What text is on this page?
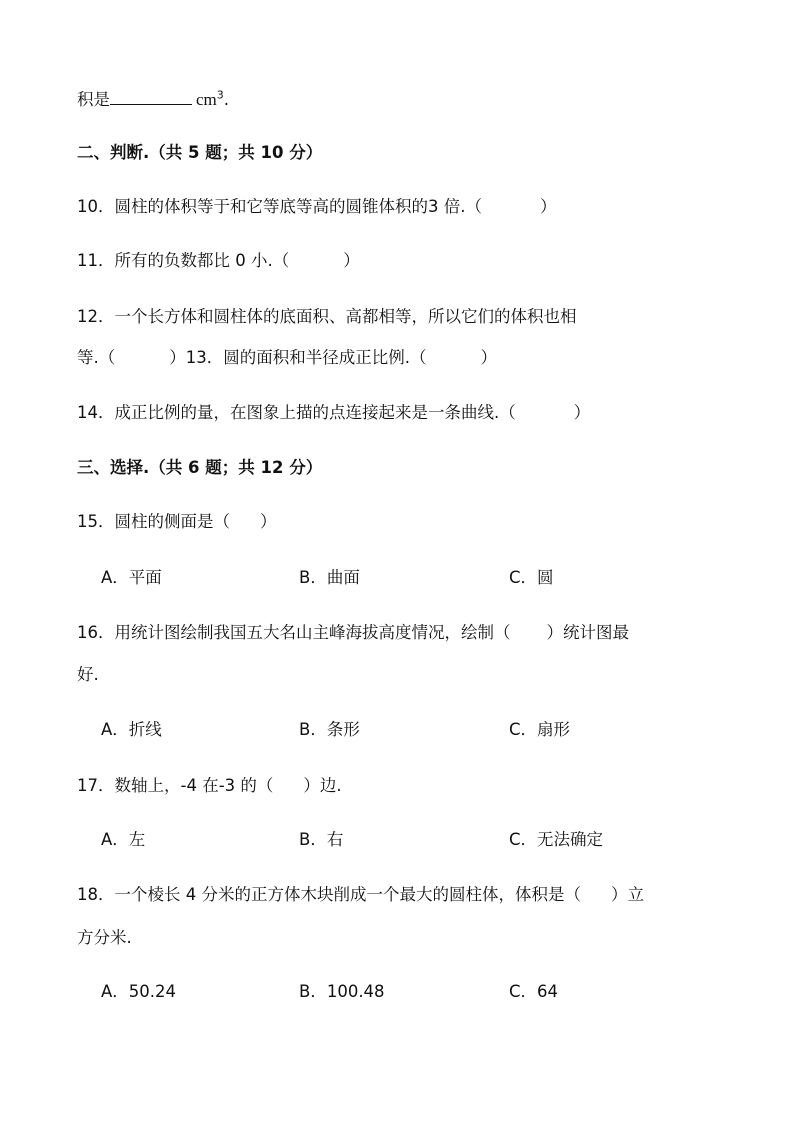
积是	$cm^3$.
二、判断.（共 5 题；共 10 分）
10．圆柱的体积等于和它等底等高的圆锥体积的3 倍.（	）
11．所有的负数都比 0 小.（	）
12．一个长方体和圆柱体的底面积、高都相等，所以它们的体积也相
等.（	）13．圆的面积和半径成正比例.（	）
14．成正比例的量，在图象上描的点连接起来是一条曲线.（	）
三、选择.（共 6 题；共 12 分）
15．圆柱的侧面是（ ）
A．平面	B．曲面	C．圆
16．用统计图绘制我国五大名山主峰海拔高度情况，绘制（ ）统计图最
好.
A．折线	B．条形	C．扇形
17．数轴上，-4 在-3 的（ ）边.
A．左	B．右	C．无法确定
18．一个棱长 4 分米的正方体木块削成一个最大的圆柱体，体积是（ ）立
方分米.
A．50.24	B．100.48	C．64
